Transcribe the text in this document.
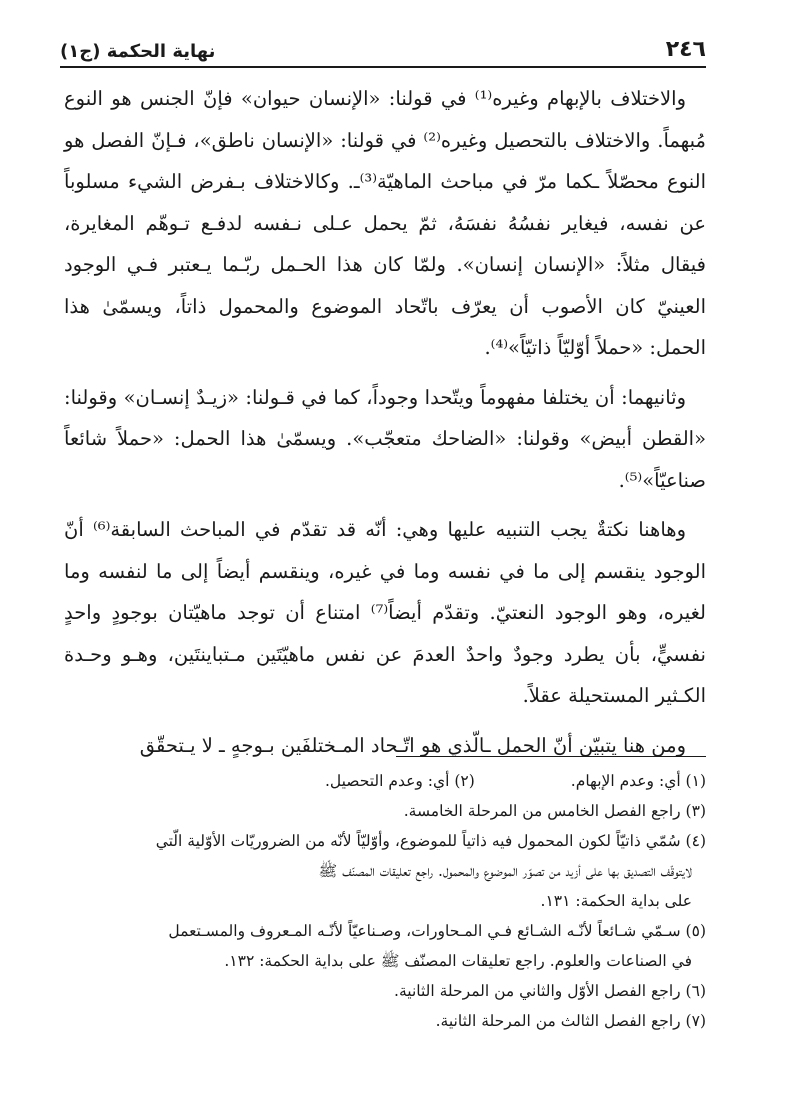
٢٤٦
نهاية الحكمة (ج١)

والاختلاف بالإبهام وغيره⁽¹⁾ في قولنا: «الإنسان حيوان» فإنّ الجنس هو النوع مُبهماً. والاختلاف بالتحصيل وغيره⁽²⁾ في قولنا: «الإنسان ناطق»، فـإنّ الفصل هو النوع محصّلاً ـكما مرّ في مباحث الماهيّة⁽³⁾ـ. وكالاختلاف بـفرض الشيء مسلوباً عن نفسه، فيغاير نفسُهُ نفسَهُ، ثمّ يحمل عـلى نـفسه لدفـع تـوهّم المغايرة، فيقال مثلاً: «الإنسان إنسان». ولمّا كان هذا الحـمل ربّـما يـعتبر فـي الوجود العينيّ كان الأصوب أن يعرّف باتّحاد الموضوع والمحمول ذاتاً، ويسمّىٰ هذا الحمل: «حملاً أوّليّاً ذاتيّاً»⁽⁴⁾.

وثانيهما: أن يختلفا مفهوماً ويتّحدا وجوداً، كما في قـولنا: «زيـدٌ إنسـان» وقولنا: «القطن أبيض» وقولنا: «الضاحك متعجّب». ويسمّىٰ هذا الحمل: «حملاً شائعاً صناعيّاً»⁽⁵⁾.

وهاهنا نكتةٌ يجب التنبيه عليها وهي: أنّه قد تقدّم في المباحث السابقة⁽⁶⁾ أنّ الوجود ينقسم إلى ما في نفسه وما في غيره، وينقسم أيضاً إلى ما لنفسه وما لغيره، وهو الوجود النعتيّ. وتقدّم أيضاً⁽⁷⁾ امتناع أن توجد ماهيّتان بوجودٍ واحدٍ نفسيٍّ، بأن يطرد وجودٌ واحدٌ العدمَ عن نفس ماهيّتَين مـتباينتَين، وهـو وحـدة الكـثير المستحيلة عقلاً.

ومن هنا يتبيّن أنّ الحمل ـالّذي هو اتّـحاد المـختلفَين بـوجهٍ ـ لا يـتحقّق

(١) أي: وعدم الإبهام.
(٢) أي: وعدم التحصيل.
(٣) راجع الفصل الخامس من المرحلة الخامسة.
(٤) سُمّي ذاتيّاً لكون المحمول فيه ذاتياً للموضوع، وأوّليّاً لأنّه من الضروريّات الأوّلية الّتي
لايتوقّف التصديق بها على أزيد من تصوّر الموضوع والمحمول. راجع تعليقات المصنّف ﷺ
على بداية الحكمة: ١٣١.
(٥) سـمّي شـائعاً لأنّـه الشـائع فـي المـحاورات، وصـناعيّاً لأنّـه المـعروف والمسـتعمل
في الصناعات والعلوم. راجع تعليقات المصنّف ﷺ على بداية الحكمة: ١٣٢.
(٦) راجع الفصل الأوّل والثاني من المرحلة الثانية.
(٧) راجع الفصل الثالث من المرحلة الثانية.
